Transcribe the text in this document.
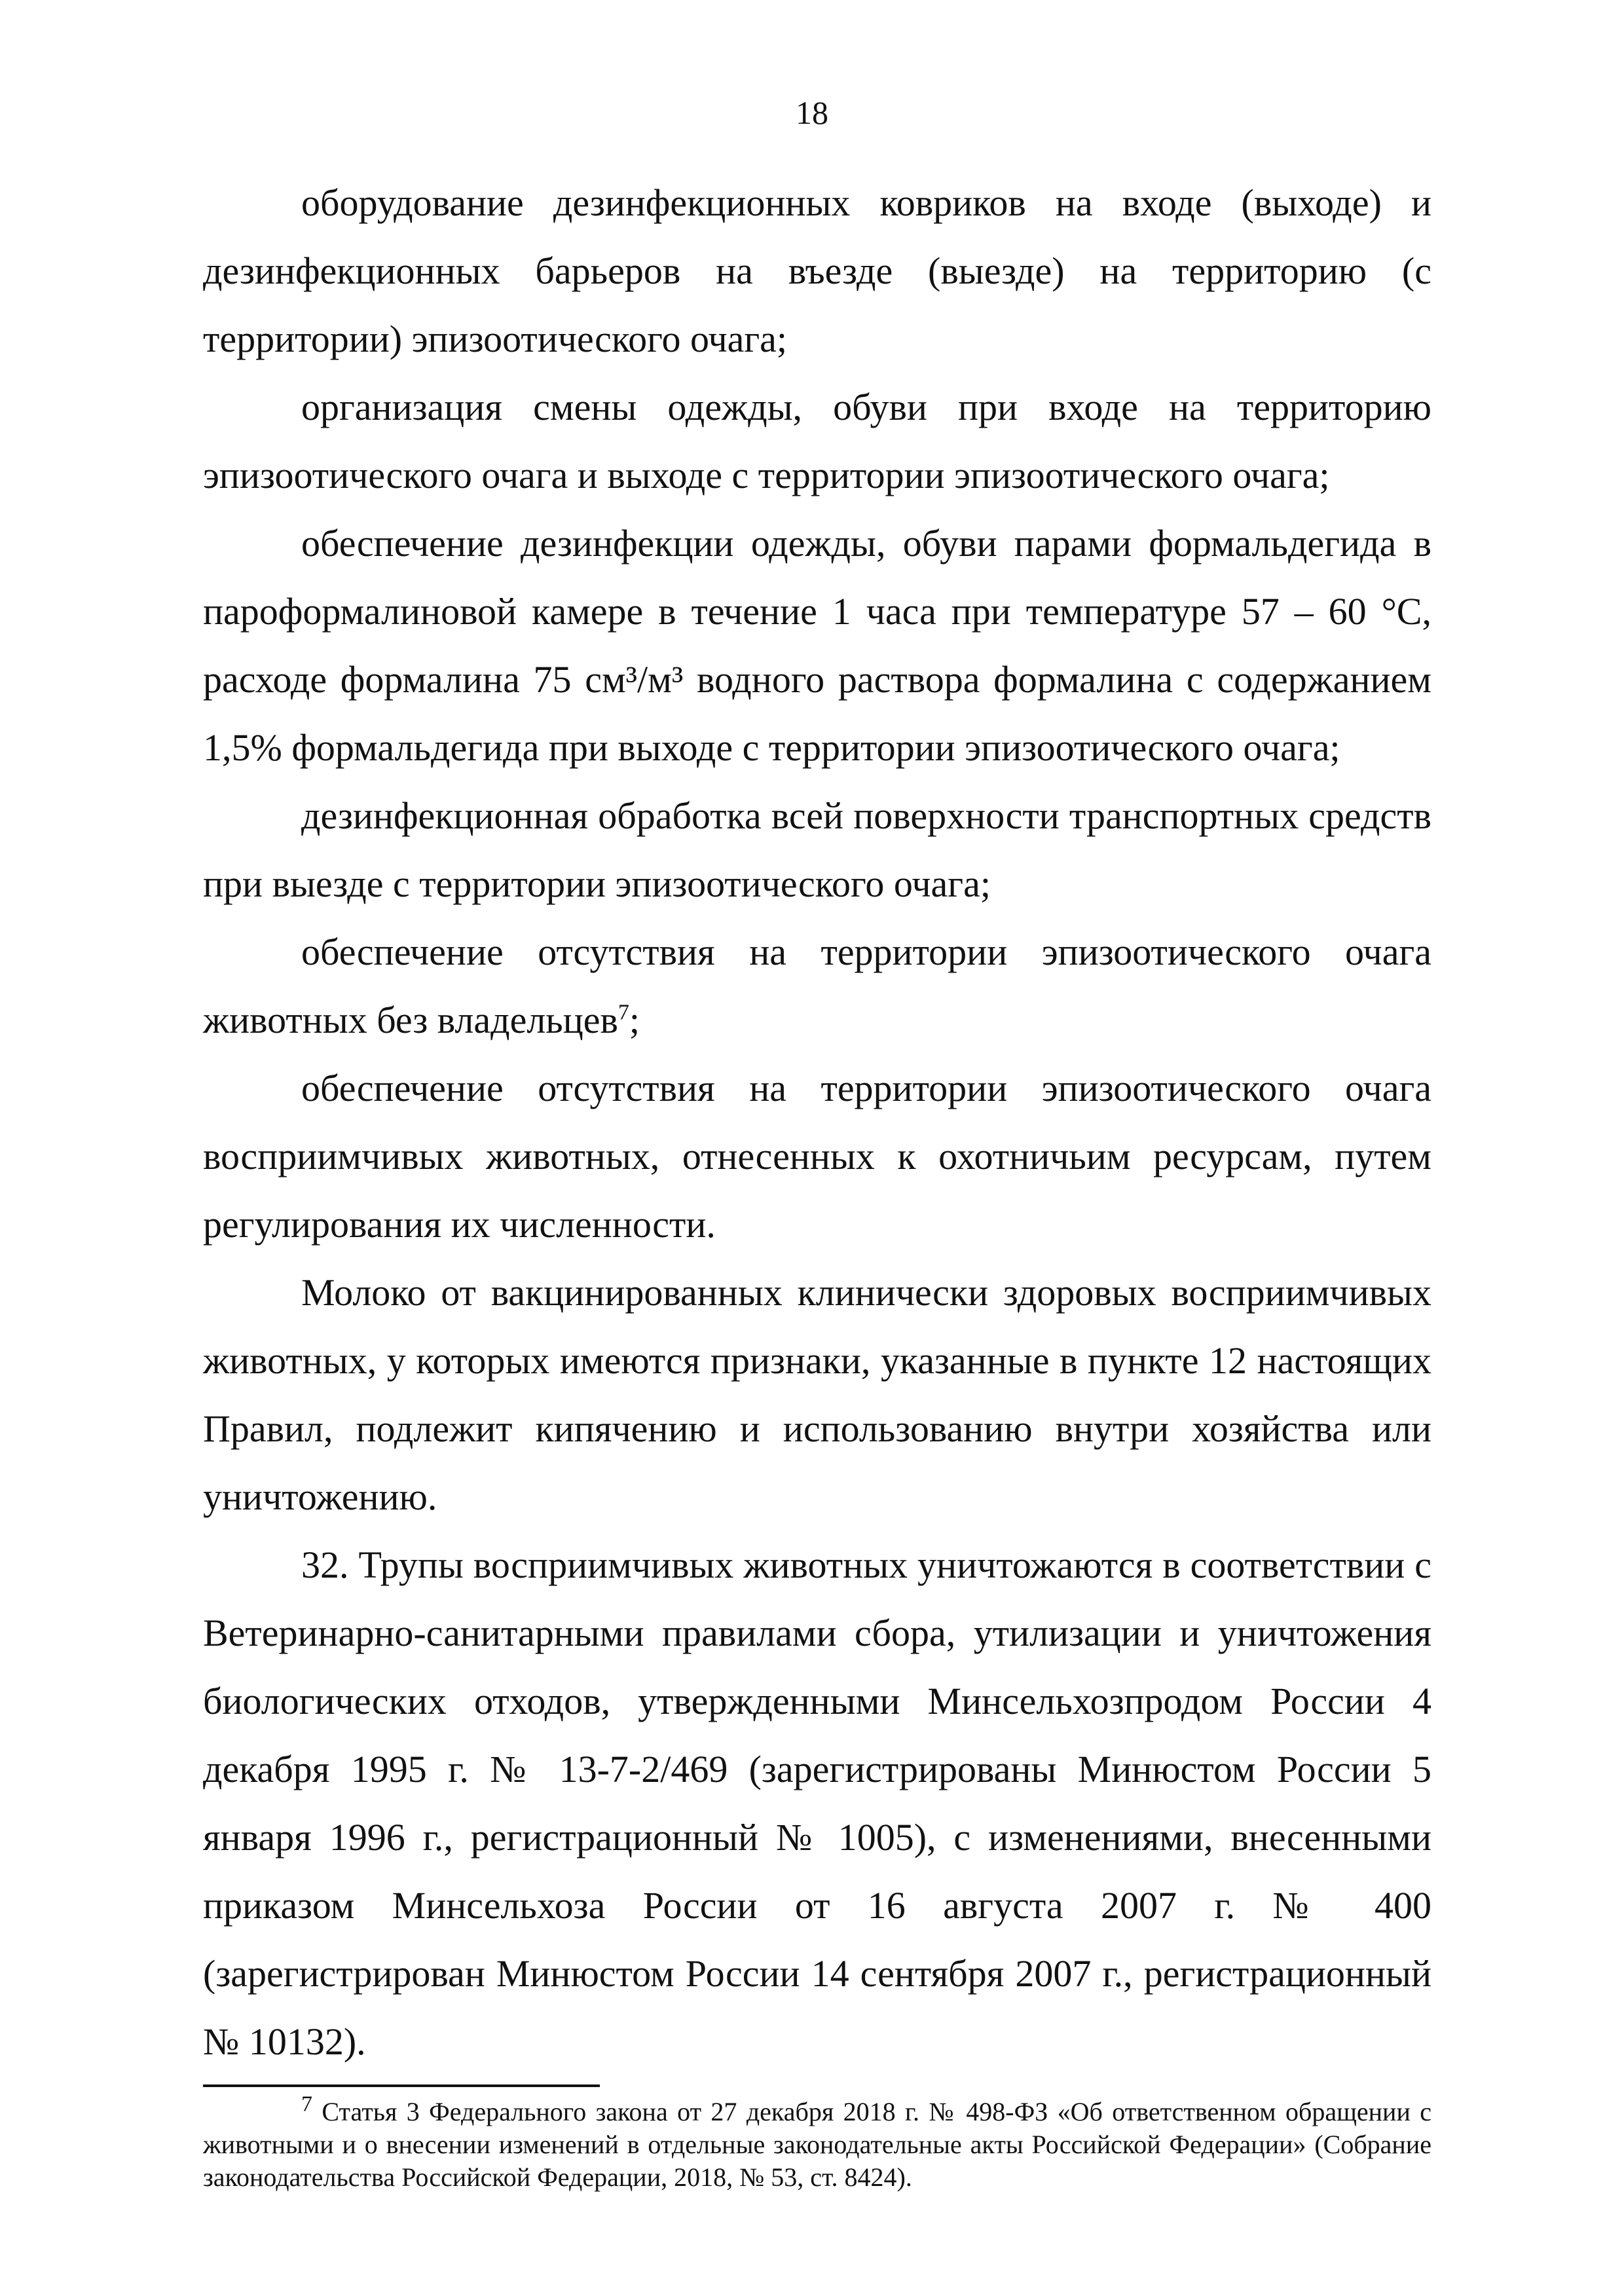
18

оборудование дезинфекционных ковриков на входе (выходе) и дезинфекционных барьеров на въезде (выезде) на территорию (с территории) эпизоотического очага;

организация смены одежды, обуви при входе на территорию эпизоотического очага и выходе с территории эпизоотического очага;

обеспечение дезинфекции одежды, обуви парами формальдегида в пароформалиновой камере в течение 1 часа при температуре 57 – 60 °С, расходе формалина 75 см³/м³ водного раствора формалина с содержанием 1,5% формальдегида при выходе с территории эпизоотического очага;

дезинфекционная обработка всей поверхности транспортных средств при выезде с территории эпизоотического очага;

обеспечение отсутствия на территории эпизоотического очага животных без владельцев$^7$;

обеспечение отсутствия на территории эпизоотического очага восприимчивых животных, отнесенных к охотничьим ресурсам, путем регулирования их численности.

Молоко от вакцинированных клинически здоровых восприимчивых животных, у которых имеются признаки, указанные в пункте 12 настоящих Правил, подлежит кипячению и использованию внутри хозяйства или уничтожению.

32. Трупы восприимчивых животных уничтожаются в соответствии с Ветеринарно-санитарными правилами сбора, утилизации и уничтожения биологических отходов, утвержденными Минсельхозпродом России 4 декабря 1995 г. № 13-7-2/469 (зарегистрированы Минюстом России 5 января 1996 г., регистрационный № 1005), с изменениями, внесенными приказом Минсельхоза России от 16 августа 2007 г. № 400 (зарегистрирован Минюстом России 14 сентября 2007 г., регистрационный № 10132).

$^7$ Статья 3 Федерального закона от 27 декабря 2018 г. № 498-ФЗ «Об ответственном обращении с животными и о внесении изменений в отдельные законодательные акты Российской Федерации» (Собрание законодательства Российской Федерации, 2018, № 53, ст. 8424).
